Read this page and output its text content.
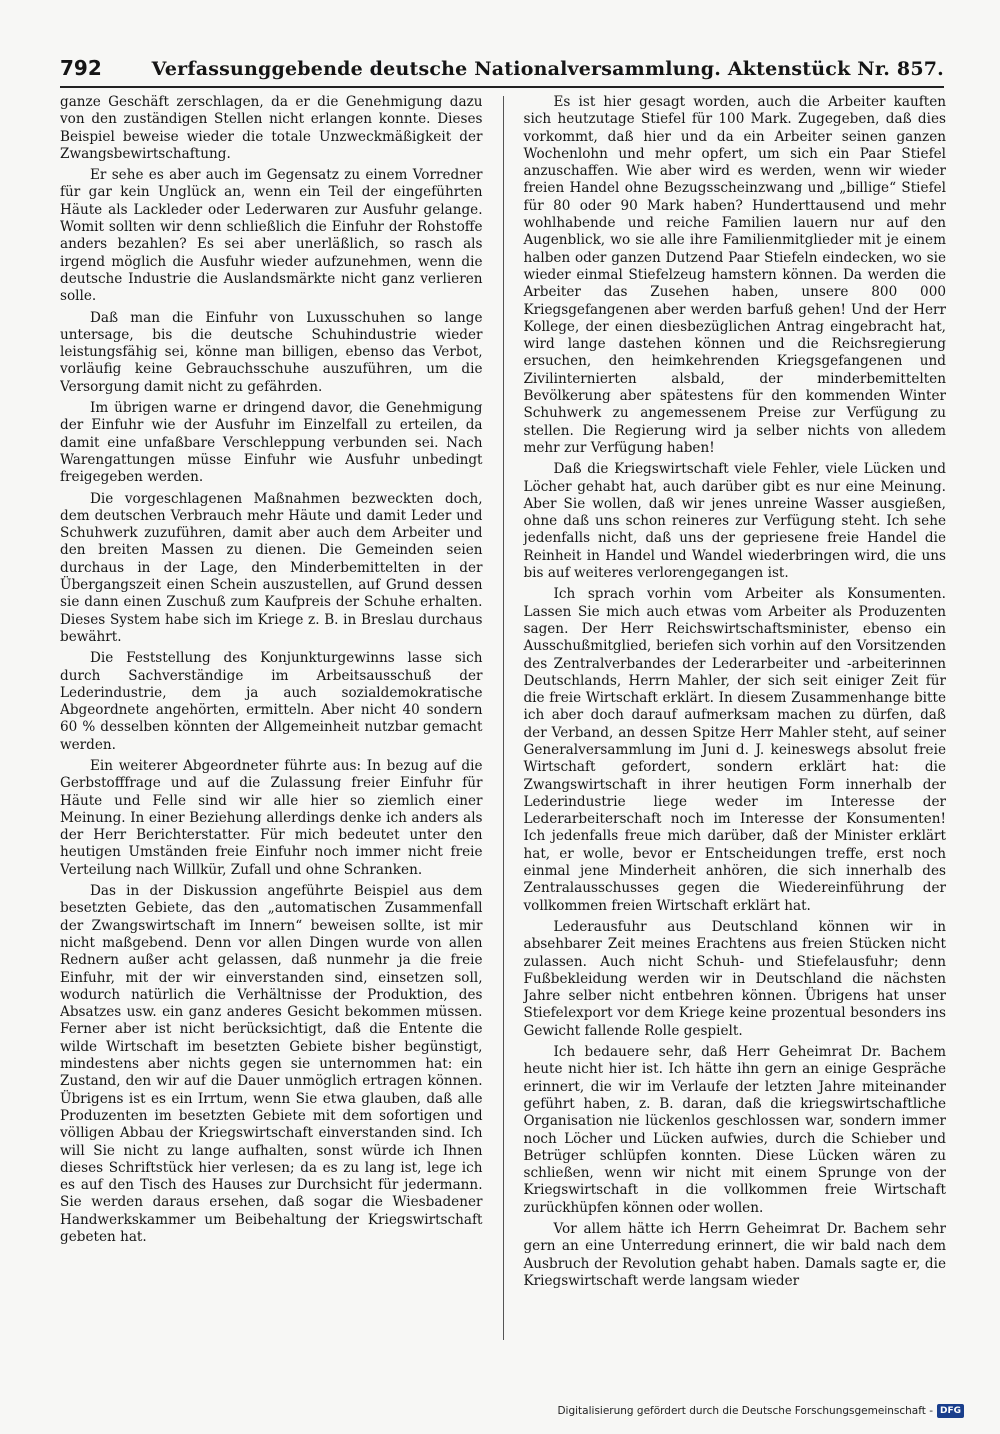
792	Verfassunggebende deutsche Nationalversammlung. Aktenstück Nr. 857.

ganze Geschäft zerschlagen, da er die Genehmigung dazu von den zuständigen Stellen nicht erlangen konnte. Dieses Beispiel beweise wieder die totale Unzweckmäßigkeit der Zwangsbewirtschaftung.

Er sehe es aber auch im Gegensatz zu einem Vorredner für gar kein Unglück an, wenn ein Teil der eingeführten Häute als Lackleder oder Lederwaren zur Ausfuhr gelange. Womit sollten wir denn schließlich die Einfuhr der Rohstoffe anders bezahlen? Es sei aber unerläßlich, so rasch als irgend möglich die Ausfuhr wieder aufzunehmen, wenn die deutsche Industrie die Auslandsmärkte nicht ganz verlieren solle.

Daß man die Einfuhr von Luxusschuhen so lange untersage, bis die deutsche Schuhindustrie wieder leistungsfähig sei, könne man billigen, ebenso das Verbot, vorläufig keine Gebrauchsschuhe auszuführen, um die Versorgung damit nicht zu gefährden.

Im übrigen warne er dringend davor, die Genehmigung der Einfuhr wie der Ausfuhr im Einzelfall zu erteilen, da damit eine unfaßbare Verschleppung verbunden sei. Nach Warengattungen müsse Einfuhr wie Ausfuhr unbedingt freigegeben werden.

Die vorgeschlagenen Maßnahmen bezweckten doch, dem deutschen Verbrauch mehr Häute und damit Leder und Schuhwerk zuzuführen, damit aber auch dem Arbeiter und den breiten Massen zu dienen. Die Gemeinden seien durchaus in der Lage, den Minderbemittelten in der Übergangszeit einen Schein auszustellen, auf Grund dessen sie dann einen Zuschuß zum Kaufpreis der Schuhe erhalten. Dieses System habe sich im Kriege z. B. in Breslau durchaus bewährt.

Die Feststellung des Konjunkturgewinns lasse sich durch Sachverständige im Arbeitsausschuß der Lederindustrie, dem ja auch sozialdemokratische Abgeordnete angehörten, ermitteln. Aber nicht 40 sondern 60 % desselben könnten der Allgemeinheit nutzbar gemacht werden.

Ein weiterer Abgeordneter führte aus: In bezug auf die Gerbstofffrage und auf die Zulassung freier Einfuhr für Häute und Felle sind wir alle hier so ziemlich einer Meinung. In einer Beziehung allerdings denke ich anders als der Herr Berichterstatter. Für mich bedeutet unter den heutigen Umständen freie Einfuhr noch immer nicht freie Verteilung nach Willkür, Zufall und ohne Schranken.

Das in der Diskussion angeführte Beispiel aus dem besetzten Gebiete, das den „automatischen Zusammenfall der Zwangswirtschaft im Innern“ beweisen sollte, ist mir nicht maßgebend. Denn vor allen Dingen wurde von allen Rednern außer acht gelassen, daß nunmehr ja die freie Einfuhr, mit der wir einverstanden sind, einsetzen soll, wodurch natürlich die Verhältnisse der Produktion, des Absatzes usw. ein ganz anderes Gesicht bekommen müssen. Ferner aber ist nicht berücksichtigt, daß die Entente die wilde Wirtschaft im besetzten Gebiete bisher begünstigt, mindestens aber nichts gegen sie unternommen hat: ein Zustand, den wir auf die Dauer unmöglich ertragen können. Übrigens ist es ein Irrtum, wenn Sie etwa glauben, daß alle Produzenten im besetzten Gebiete mit dem sofortigen und völligen Abbau der Kriegswirtschaft einverstanden sind. Ich will Sie nicht zu lange aufhalten, sonst würde ich Ihnen dieses Schriftstück hier verlesen; da es zu lang ist, lege ich es auf den Tisch des Hauses zur Durchsicht für jedermann. Sie werden daraus ersehen, daß sogar die Wiesbadener Handwerkskammer um Beibehaltung der Kriegswirtschaft gebeten hat.

Es ist hier gesagt worden, auch die Arbeiter kauften sich heutzutage Stiefel für 100 Mark. Zugegeben, daß dies vorkommt, daß hier und da ein Arbeiter seinen ganzen Wochenlohn und mehr opfert, um sich ein Paar Stiefel anzuschaffen. Wie aber wird es werden, wenn wir wieder freien Handel ohne Bezugsscheinzwang und „billige“ Stiefel für 80 oder 90 Mark haben? Hunderttausend und mehr wohlhabende und reiche Familien lauern nur auf den Augenblick, wo sie alle ihre Familienmitglieder mit je einem halben oder ganzen Dutzend Paar Stiefeln eindecken, wo sie wieder einmal Stiefelzeug hamstern können. Da werden die Arbeiter das Zusehen haben, unsere 800 000 Kriegsgefangenen aber werden barfuß gehen! Und der Herr Kollege, der einen diesbezüglichen Antrag eingebracht hat, wird lange dastehen können und die Reichsregierung ersuchen, den heimkehrenden Kriegsgefangenen und Zivilinternierten alsbald, der minderbemittelten Bevölkerung aber spätestens für den kommenden Winter Schuhwerk zu angemessenem Preise zur Verfügung zu stellen. Die Regierung wird ja selber nichts von alledem mehr zur Verfügung haben!

Daß die Kriegswirtschaft viele Fehler, viele Lücken und Löcher gehabt hat, auch darüber gibt es nur eine Meinung. Aber Sie wollen, daß wir jenes unreine Wasser ausgießen, ohne daß uns schon reineres zur Verfügung steht. Ich sehe jedenfalls nicht, daß uns der gepriesene freie Handel die Reinheit in Handel und Wandel wiederbringen wird, die uns bis auf weiteres verlorengegangen ist.

Ich sprach vorhin vom Arbeiter als Konsumenten. Lassen Sie mich auch etwas vom Arbeiter als Produzenten sagen. Der Herr Reichswirtschaftsminister, ebenso ein Ausschußmitglied, beriefen sich vorhin auf den Vorsitzenden des Zentralverbandes der Lederarbeiter und -arbeiterinnen Deutschlands, Herrn Mahler, der sich seit einiger Zeit für die freie Wirtschaft erklärt. In diesem Zusammenhange bitte ich aber doch darauf aufmerksam machen zu dürfen, daß der Verband, an dessen Spitze Herr Mahler steht, auf seiner Generalversammlung im Juni d. J. keineswegs absolut freie Wirtschaft gefordert, sondern erklärt hat: die Zwangswirtschaft in ihrer heutigen Form innerhalb der Lederindustrie liege weder im Interesse der Lederarbeiterschaft noch im Interesse der Konsumenten! Ich jedenfalls freue mich darüber, daß der Minister erklärt hat, er wolle, bevor er Entscheidungen treffe, erst noch einmal jene Minderheit anhören, die sich innerhalb des Zentralausschusses gegen die Wiedereinführung der vollkommen freien Wirtschaft erklärt hat.

Lederausfuhr aus Deutschland können wir in absehbarer Zeit meines Erachtens aus freien Stücken nicht zulassen. Auch nicht Schuh- und Stiefelausfuhr; denn Fußbekleidung werden wir in Deutschland die nächsten Jahre selber nicht entbehren können. Übrigens hat unser Stiefelexport vor dem Kriege keine prozentual besonders ins Gewicht fallende Rolle gespielt.

Ich bedauere sehr, daß Herr Geheimrat Dr. Bachem heute nicht hier ist. Ich hätte ihn gern an einige Gespräche erinnert, die wir im Verlaufe der letzten Jahre miteinander geführt haben, z. B. daran, daß die kriegswirtschaftliche Organisation nie lückenlos geschlossen war, sondern immer noch Löcher und Lücken aufwies, durch die Schieber und Betrüger schlüpfen konnten. Diese Lücken wären zu schließen, wenn wir nicht mit einem Sprunge von der Kriegswirtschaft in die vollkommen freie Wirtschaft zurückhüpfen können oder wollen.

Vor allem hätte ich Herrn Geheimrat Dr. Bachem sehr gern an eine Unterredung erinnert, die wir bald nach dem Ausbruch der Revolution gehabt haben. Damals sagte er, die Kriegswirtschaft werde langsam wieder

Digitalisierung gefördert durch die Deutsche Forschungsgemeinschaft - DFG
